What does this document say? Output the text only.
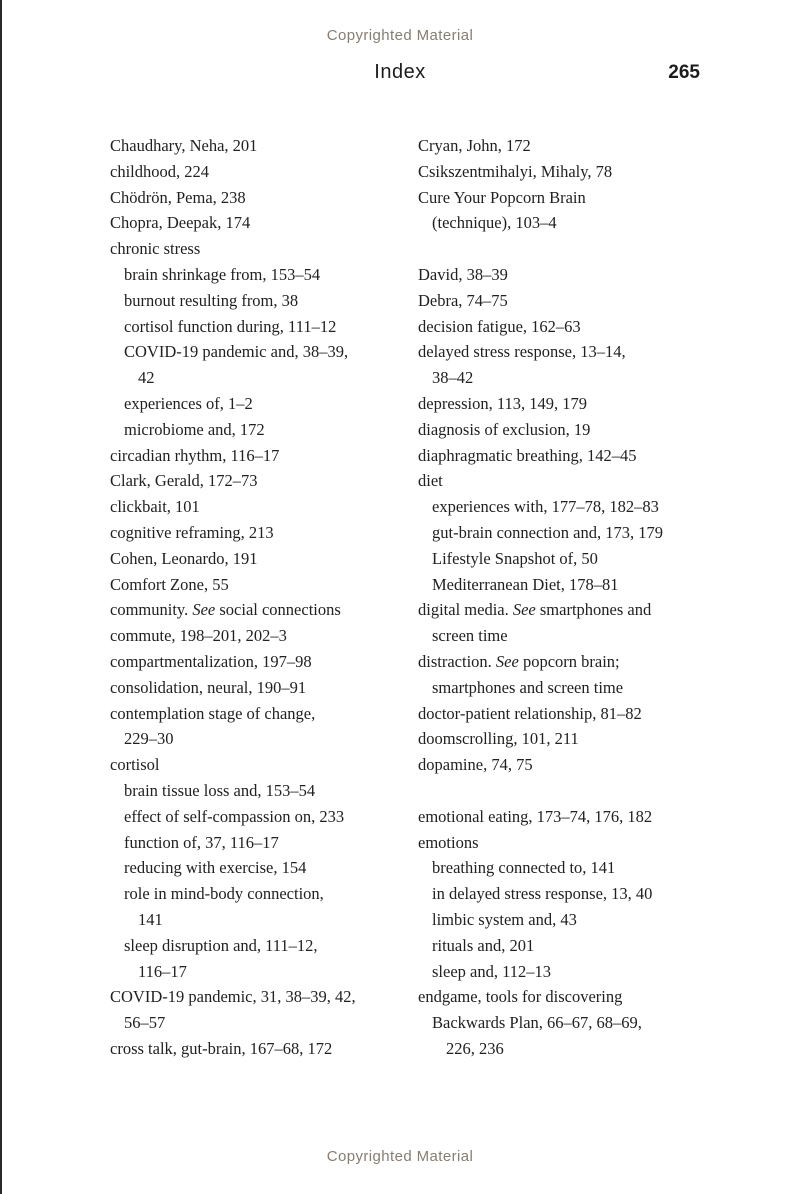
Copyrighted Material
Index	265
Chaudhary, Neha, 201
childhood, 224
Chödrön, Pema, 238
Chopra, Deepak, 174
chronic stress
brain shrinkage from, 153–54
burnout resulting from, 38
cortisol function during, 111–12
COVID-19 pandemic and, 38–39,
42
experiences of, 1–2
microbiome and, 172
circadian rhythm, 116–17
Clark, Gerald, 172–73
clickbait, 101
cognitive reframing, 213
Cohen, Leonardo, 191
Comfort Zone, 55
community. See social connections
commute, 198–201, 202–3
compartmentalization, 197–98
consolidation, neural, 190–91
contemplation stage of change,
229–30
cortisol
brain tissue loss and, 153–54
effect of self-compassion on, 233
function of, 37, 116–17
reducing with exercise, 154
role in mind-body connection,
141
sleep disruption and, 111–12,
116–17
COVID-19 pandemic, 31, 38–39, 42,
56–57
cross talk, gut-brain, 167–68, 172
Cryan, John, 172
Csikszentmihalyi, Mihaly, 78
Cure Your Popcorn Brain
(technique), 103–4
David, 38–39
Debra, 74–75
decision fatigue, 162–63
delayed stress response, 13–14,
38–42
depression, 113, 149, 179
diagnosis of exclusion, 19
diaphragmatic breathing, 142–45
diet
experiences with, 177–78, 182–83
gut-brain connection and, 173, 179
Lifestyle Snapshot of, 50
Mediterranean Diet, 178–81
digital media. See smartphones and
screen time
distraction. See popcorn brain;
smartphones and screen time
doctor-patient relationship, 81–82
doomscrolling, 101, 211
dopamine, 74, 75
emotional eating, 173–74, 176, 182
emotions
breathing connected to, 141
in delayed stress response, 13, 40
limbic system and, 43
rituals and, 201
sleep and, 112–13
endgame, tools for discovering
Backwards Plan, 66–67, 68–69,
226, 236
Copyrighted Material
